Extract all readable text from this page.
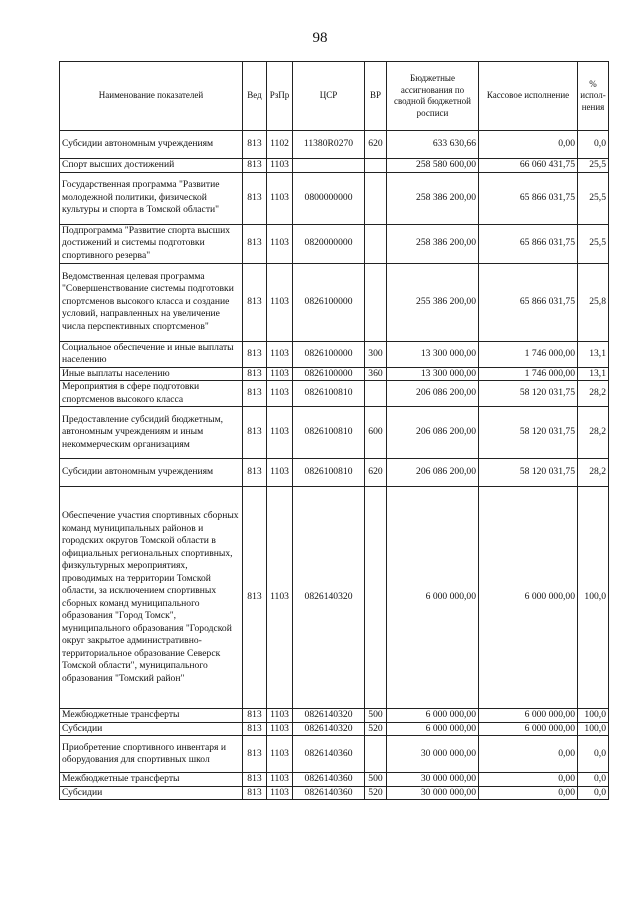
98
Наименование показателей	Вед	РзПр	ЦСР	ВР	Бюджетные ассигнования по сводной бюджетной росписи	Кассовое исполнение	% испол-нения
Субсидии автономным учреждениям	813	1102	11380R0270	620	633 630,66	0,00	0,0
Спорт высших достижений	813	1103			258 580 600,00	66 060 431,75	25,5
Государственная программа "Развитие молодежной политики, физической культуры и спорта в Томской области"	813	1103	0800000000		258 386 200,00	65 866 031,75	25,5
Подпрограмма "Развитие спорта высших достижений и системы подготовки спортивного резерва"	813	1103	0820000000		258 386 200,00	65 866 031,75	25,5
Ведомственная целевая программа "Совершенствование системы подготовки спортсменов высокого класса и создание условий, направленных на увеличение числа перспективных спортсменов"	813	1103	0826100000		255 386 200,00	65 866 031,75	25,8
Социальное обеспечение и иные выплаты населению	813	1103	0826100000	300	13 300 000,00	1 746 000,00	13,1
Иные выплаты населению	813	1103	0826100000	360	13 300 000,00	1 746 000,00	13,1
Мероприятия в сфере подготовки спортсменов высокого класса	813	1103	0826100810		206 086 200,00	58 120 031,75	28,2
Предоставление субсидий бюджетным, автономным учреждениям и иным некоммерческим организациям	813	1103	0826100810	600	206 086 200,00	58 120 031,75	28,2
Субсидии автономным учреждениям	813	1103	0826100810	620	206 086 200,00	58 120 031,75	28,2
Обеспечение участия спортивных сборных команд муниципальных районов и городских округов Томской области в официальных региональных спортивных, физкультурных мероприятиях, проводимых на территории Томской области, за исключением спортивных сборных команд муниципального образования "Город Томск", муниципального образования "Городской округ закрытое административно-территориальное образование Северск Томской области", муниципального образования "Томский район"	813	1103	0826140320		6 000 000,00	6 000 000,00	100,0
Межбюджетные трансферты	813	1103	0826140320	500	6 000 000,00	6 000 000,00	100,0
Субсидии	813	1103	0826140320	520	6 000 000,00	6 000 000,00	100,0
Приобретение спортивного инвентаря и оборудования для спортивных школ	813	1103	0826140360		30 000 000,00	0,00	0,0
Межбюджетные трансферты	813	1103	0826140360	500	30 000 000,00	0,00	0,0
Субсидии	813	1103	0826140360	520	30 000 000,00	0,00	0,0
